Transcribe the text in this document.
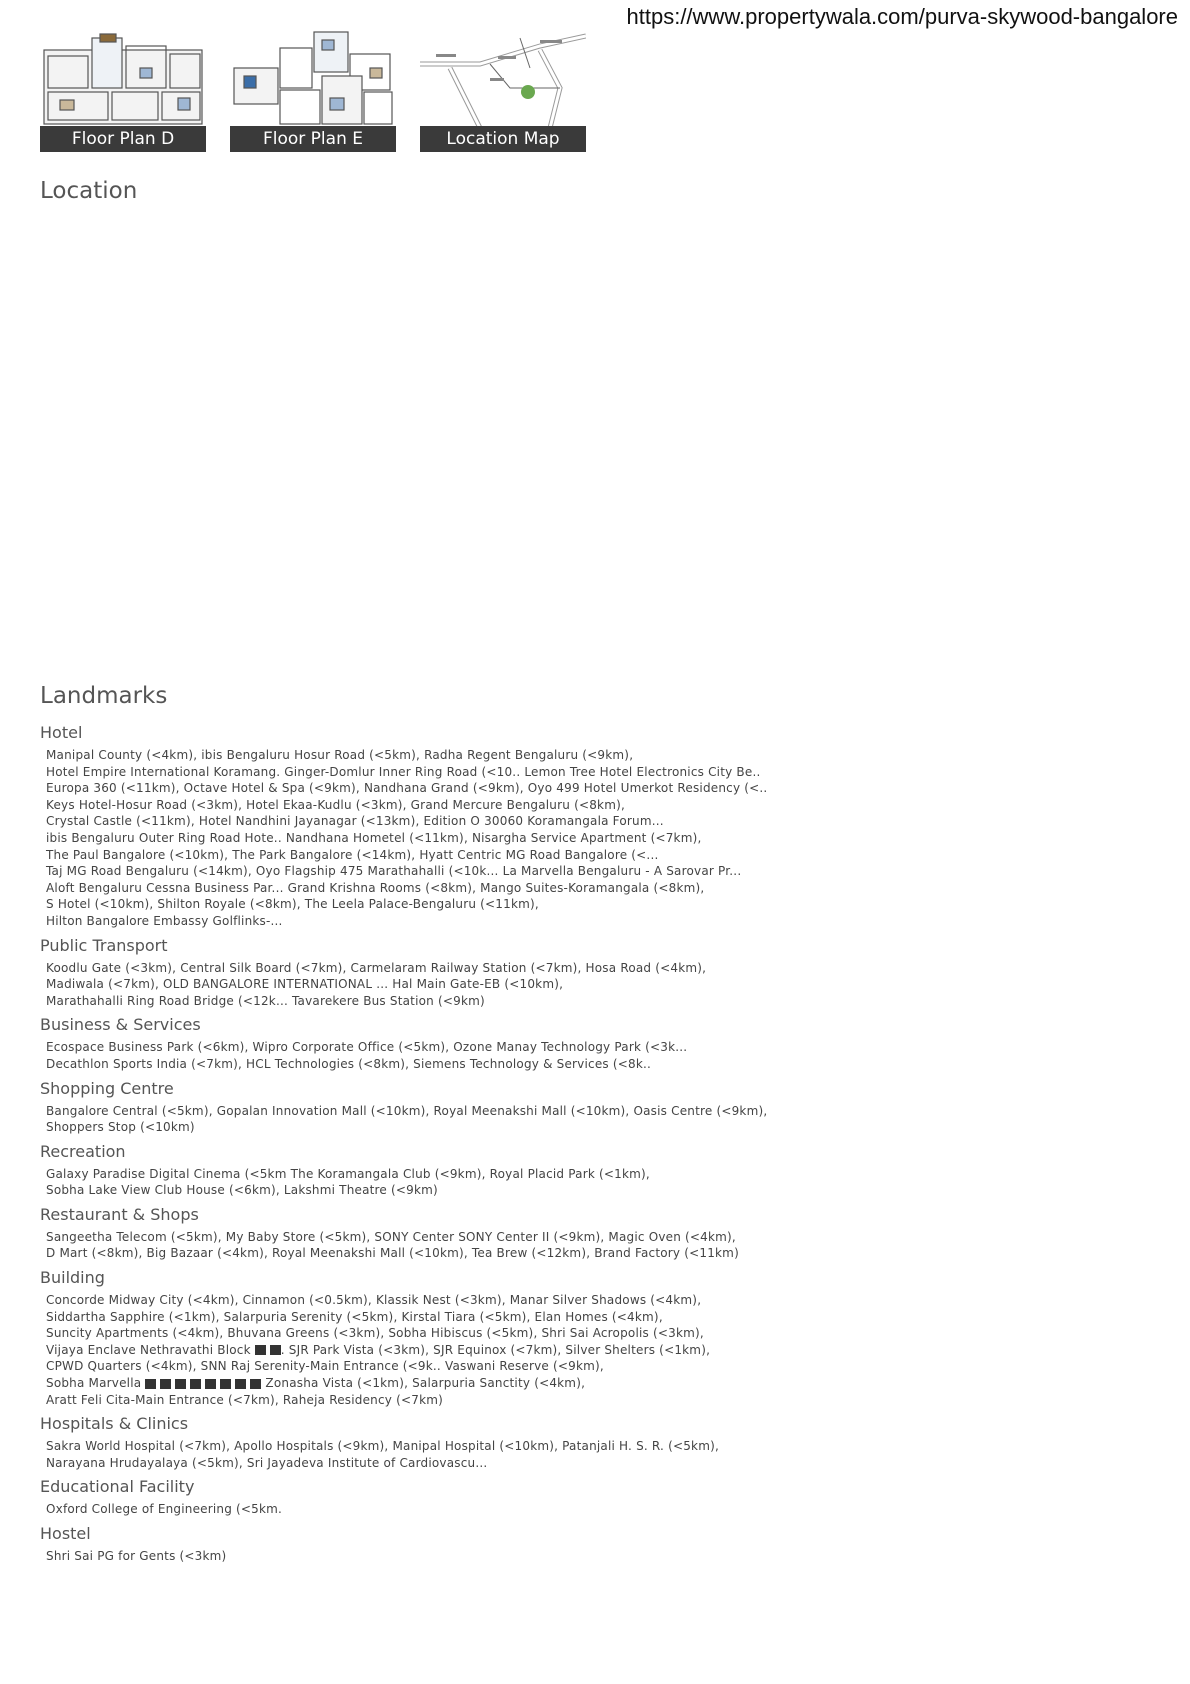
https://www.propertywala.com/purva-skywood-bangalore
Floor Plan D	Floor Plan E	Location Map
Location
Landmarks
Hotel
Manipal County (<4km), ibis Bengaluru Hosur Road (<5km), Radha Regent Bengaluru (<9km),
Hotel Empire International Koramang. Ginger-Domlur Inner Ring Road (<10.. Lemon Tree Hotel Electronics City Be..
Europa 360 (<11km), Octave Hotel & Spa (<9km), Nandhana Grand (<9km), Oyo 499 Hotel Umerkot Residency (<..
Keys Hotel-Hosur Road (<3km), Hotel Ekaa-Kudlu (<3km), Grand Mercure Bengaluru (<8km),
Crystal Castle (<11km), Hotel Nandhini Jayanagar (<13km), Edition O 30060 Koramangala Forum...
ibis Bengaluru Outer Ring Road Hote.. Nandhana Hometel (<11km), Nisargha Service Apartment (<7km),
The Paul Bangalore (<10km), The Park Bangalore (<14km), Hyatt Centric MG Road Bangalore (<...
Taj MG Road Bengaluru (<14km), Oyo Flagship 475 Marathahalli (<10k... La Marvella Bengaluru - A Sarovar Pr...
Aloft Bengaluru Cessna Business Par... Grand Krishna Rooms (<8km), Mango Suites-Koramangala (<8km),
S Hotel (<10km), Shilton Royale (<8km), The Leela Palace-Bengaluru (<11km),
Hilton Bangalore Embassy Golflinks-...
Public Transport
Koodlu Gate (<3km), Central Silk Board (<7km), Carmelaram Railway Station (<7km), Hosa Road (<4km),
Madiwala (<7km), OLD BANGALORE INTERNATIONAL ... Hal Main Gate-EB (<10km),
Marathahalli Ring Road Bridge (<12k... Tavarekere Bus Station (<9km)
Business & Services
Ecospace Business Park (<6km), Wipro Corporate Office (<5km), Ozone Manay Technology Park (<3k...
Decathlon Sports India (<7km), HCL Technologies (<8km), Siemens Technology & Services (<8k..
Shopping Centre
Bangalore Central (<5km), Gopalan Innovation Mall (<10km), Royal Meenakshi Mall (<10km), Oasis Centre (<9km),
Shoppers Stop (<10km)
Recreation
Galaxy Paradise Digital Cinema (<5km The Koramangala Club (<9km), Royal Placid Park (<1km),
Sobha Lake View Club House (<6km), Lakshmi Theatre (<9km)
Restaurant & Shops
Sangeetha Telecom (<5km), My Baby Store (<5km), SONY Center SONY Center II (<9km), Magic Oven (<4km),
D Mart (<8km), Big Bazaar (<4km), Royal Meenakshi Mall (<10km), Tea Brew (<12km), Brand Factory (<11km)
Building
Concorde Midway City (<4km), Cinnamon (<0.5km), Klassik Nest (<3km), Manar Silver Shadows (<4km),
Siddartha Sapphire (<1km), Salarpuria Serenity (<5km), Kirstal Tiara (<5km), Elan Homes (<4km),
Suncity Apartments (<4km), Bhuvana Greens (<3km), Sobha Hibiscus (<5km), Shri Sai Acropolis (<3km),
Vijaya Enclave Nethravathi Block	. SJR Park Vista (<3km), SJR Equinox (<7km), Silver Shelters (<1km),
CPWD Quarters (<4km), SNN Raj Serenity-Main Entrance (<9k.. Vaswani Reserve (<9km),
Sobha Marvella	Zonasha Vista (<1km), Salarpuria Sanctity (<4km),
Aratt Feli Cita-Main Entrance (<7km), Raheja Residency (<7km)
Hospitals & Clinics
Sakra World Hospital (<7km), Apollo Hospitals (<9km), Manipal Hospital (<10km), Patanjali H. S. R. (<5km),
Narayana Hrudayalaya (<5km), Sri Jayadeva Institute of Cardiovascu...
Educational Facility
Oxford College of Engineering (<5km.
Hostel
Shri Sai PG for Gents (<3km)
